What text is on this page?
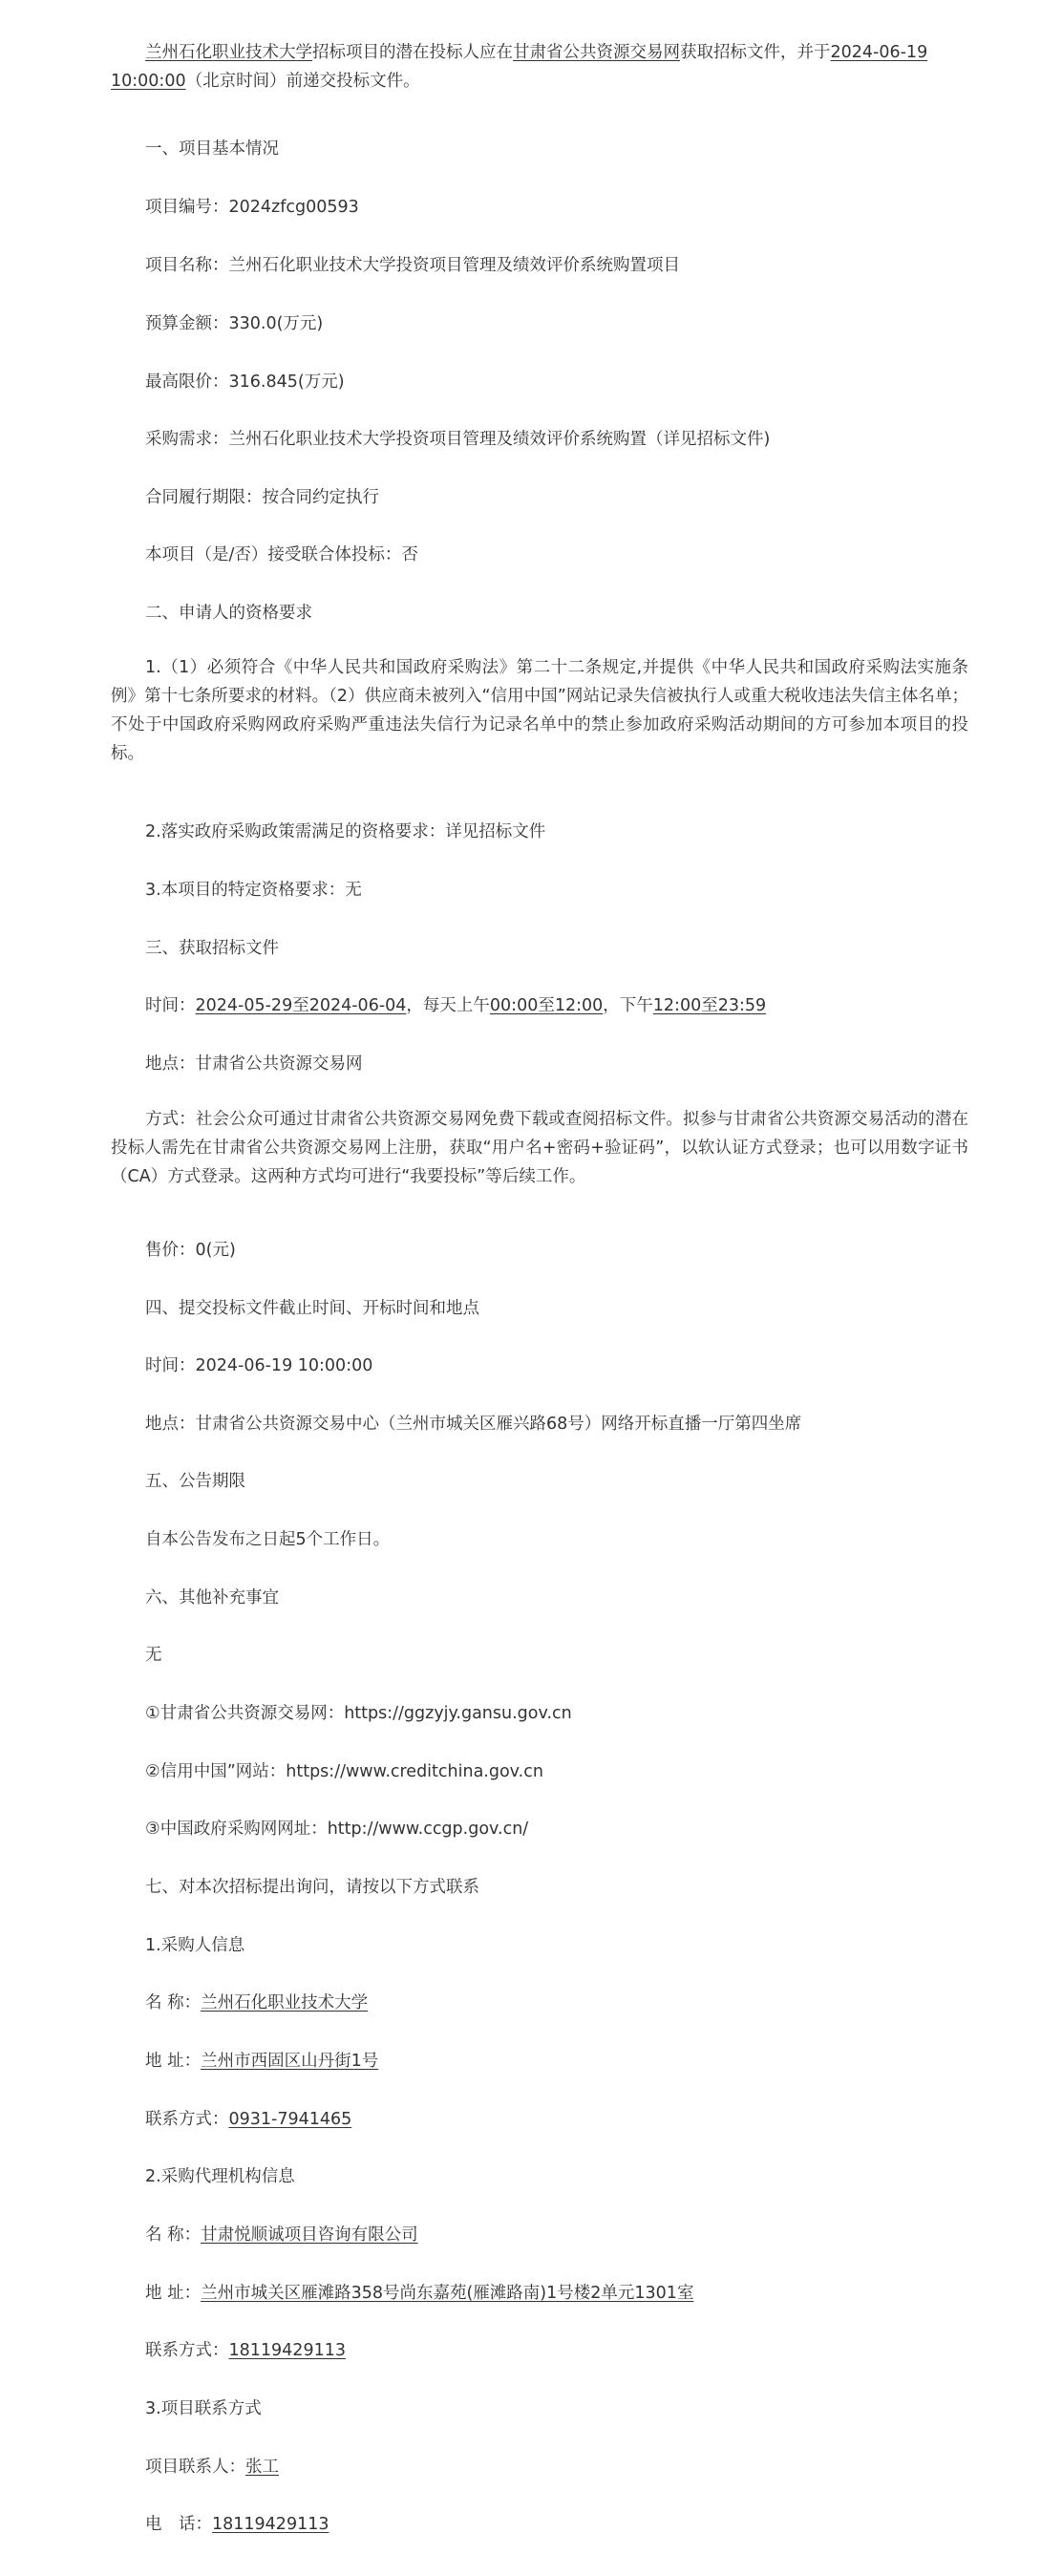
兰州石化职业技术大学招标项目的潜在投标人应在甘肃省公共资源交易网获取招标文件，并于2024-06-19
10:00:00（北京时间）前递交投标文件。
一、项目基本情况
项目编号：2024zfcg00593
项目名称：兰州石化职业技术大学投资项目管理及绩效评价系统购置项目
预算金额：330.0(万元)
最高限价：316.845(万元)
采购需求：兰州石化职业技术大学投资项目管理及绩效评价系统购置（详见招标文件)
合同履行期限：按合同约定执行
本项目（是/否）接受联合体投标：否
二、申请人的资格要求
1.（1）必须符合《中华人民共和国政府采购法》第二十二条规定,并提供《中华人民共和国政府采购法实施条例》第十七条所要求的材料。（2）供应商未被列入“信用中国”网站记录失信被执行人或重大税收违法失信主体名单；不处于中国政府采购网政府采购严重违法失信行为记录名单中的禁止参加政府采购活动期间的方可参加本项目的投标。
2.落实政府采购政策需满足的资格要求：详见招标文件
3.本项目的特定资格要求：无
三、获取招标文件
时间：2024-05-29至2024-06-04，每天上午00:00至12:00，下午12:00至23:59
地点：甘肃省公共资源交易网
方式：社会公众可通过甘肃省公共资源交易网免费下载或查阅招标文件。拟参与甘肃省公共资源交易活动的潜在投标人需先在甘肃省公共资源交易网上注册，获取“用户名+密码+验证码”，以软认证方式登录；也可以用数字证书（CA）方式登录。这两种方式均可进行“我要投标”等后续工作。
售价：0(元)
四、提交投标文件截止时间、开标时间和地点
时间：2024-06-19 10:00:00
地点：甘肃省公共资源交易中心（兰州市城关区雁兴路68号）网络开标直播一厅第四坐席
五、公告期限
自本公告发布之日起5个工作日。
六、其他补充事宜
无
①甘肃省公共资源交易网：https://ggzyjy.gansu.gov.cn
②信用中国”网站：https://www.creditchina.gov.cn
③中国政府采购网网址：http://www.ccgp.gov.cn/
七、对本次招标提出询问，请按以下方式联系
1.采购人信息
名 称：兰州石化职业技术大学
地 址：兰州市西固区山丹街1号
联系方式：0931-7941465
2.采购代理机构信息
名 称：甘肃悦顺诚项目咨询有限公司
地 址：兰州市城关区雁滩路358号尚东嘉苑(雁滩路南)1号楼2单元1301室
联系方式：18119429113
3.项目联系方式
项目联系人：张工
电　话：18119429113
